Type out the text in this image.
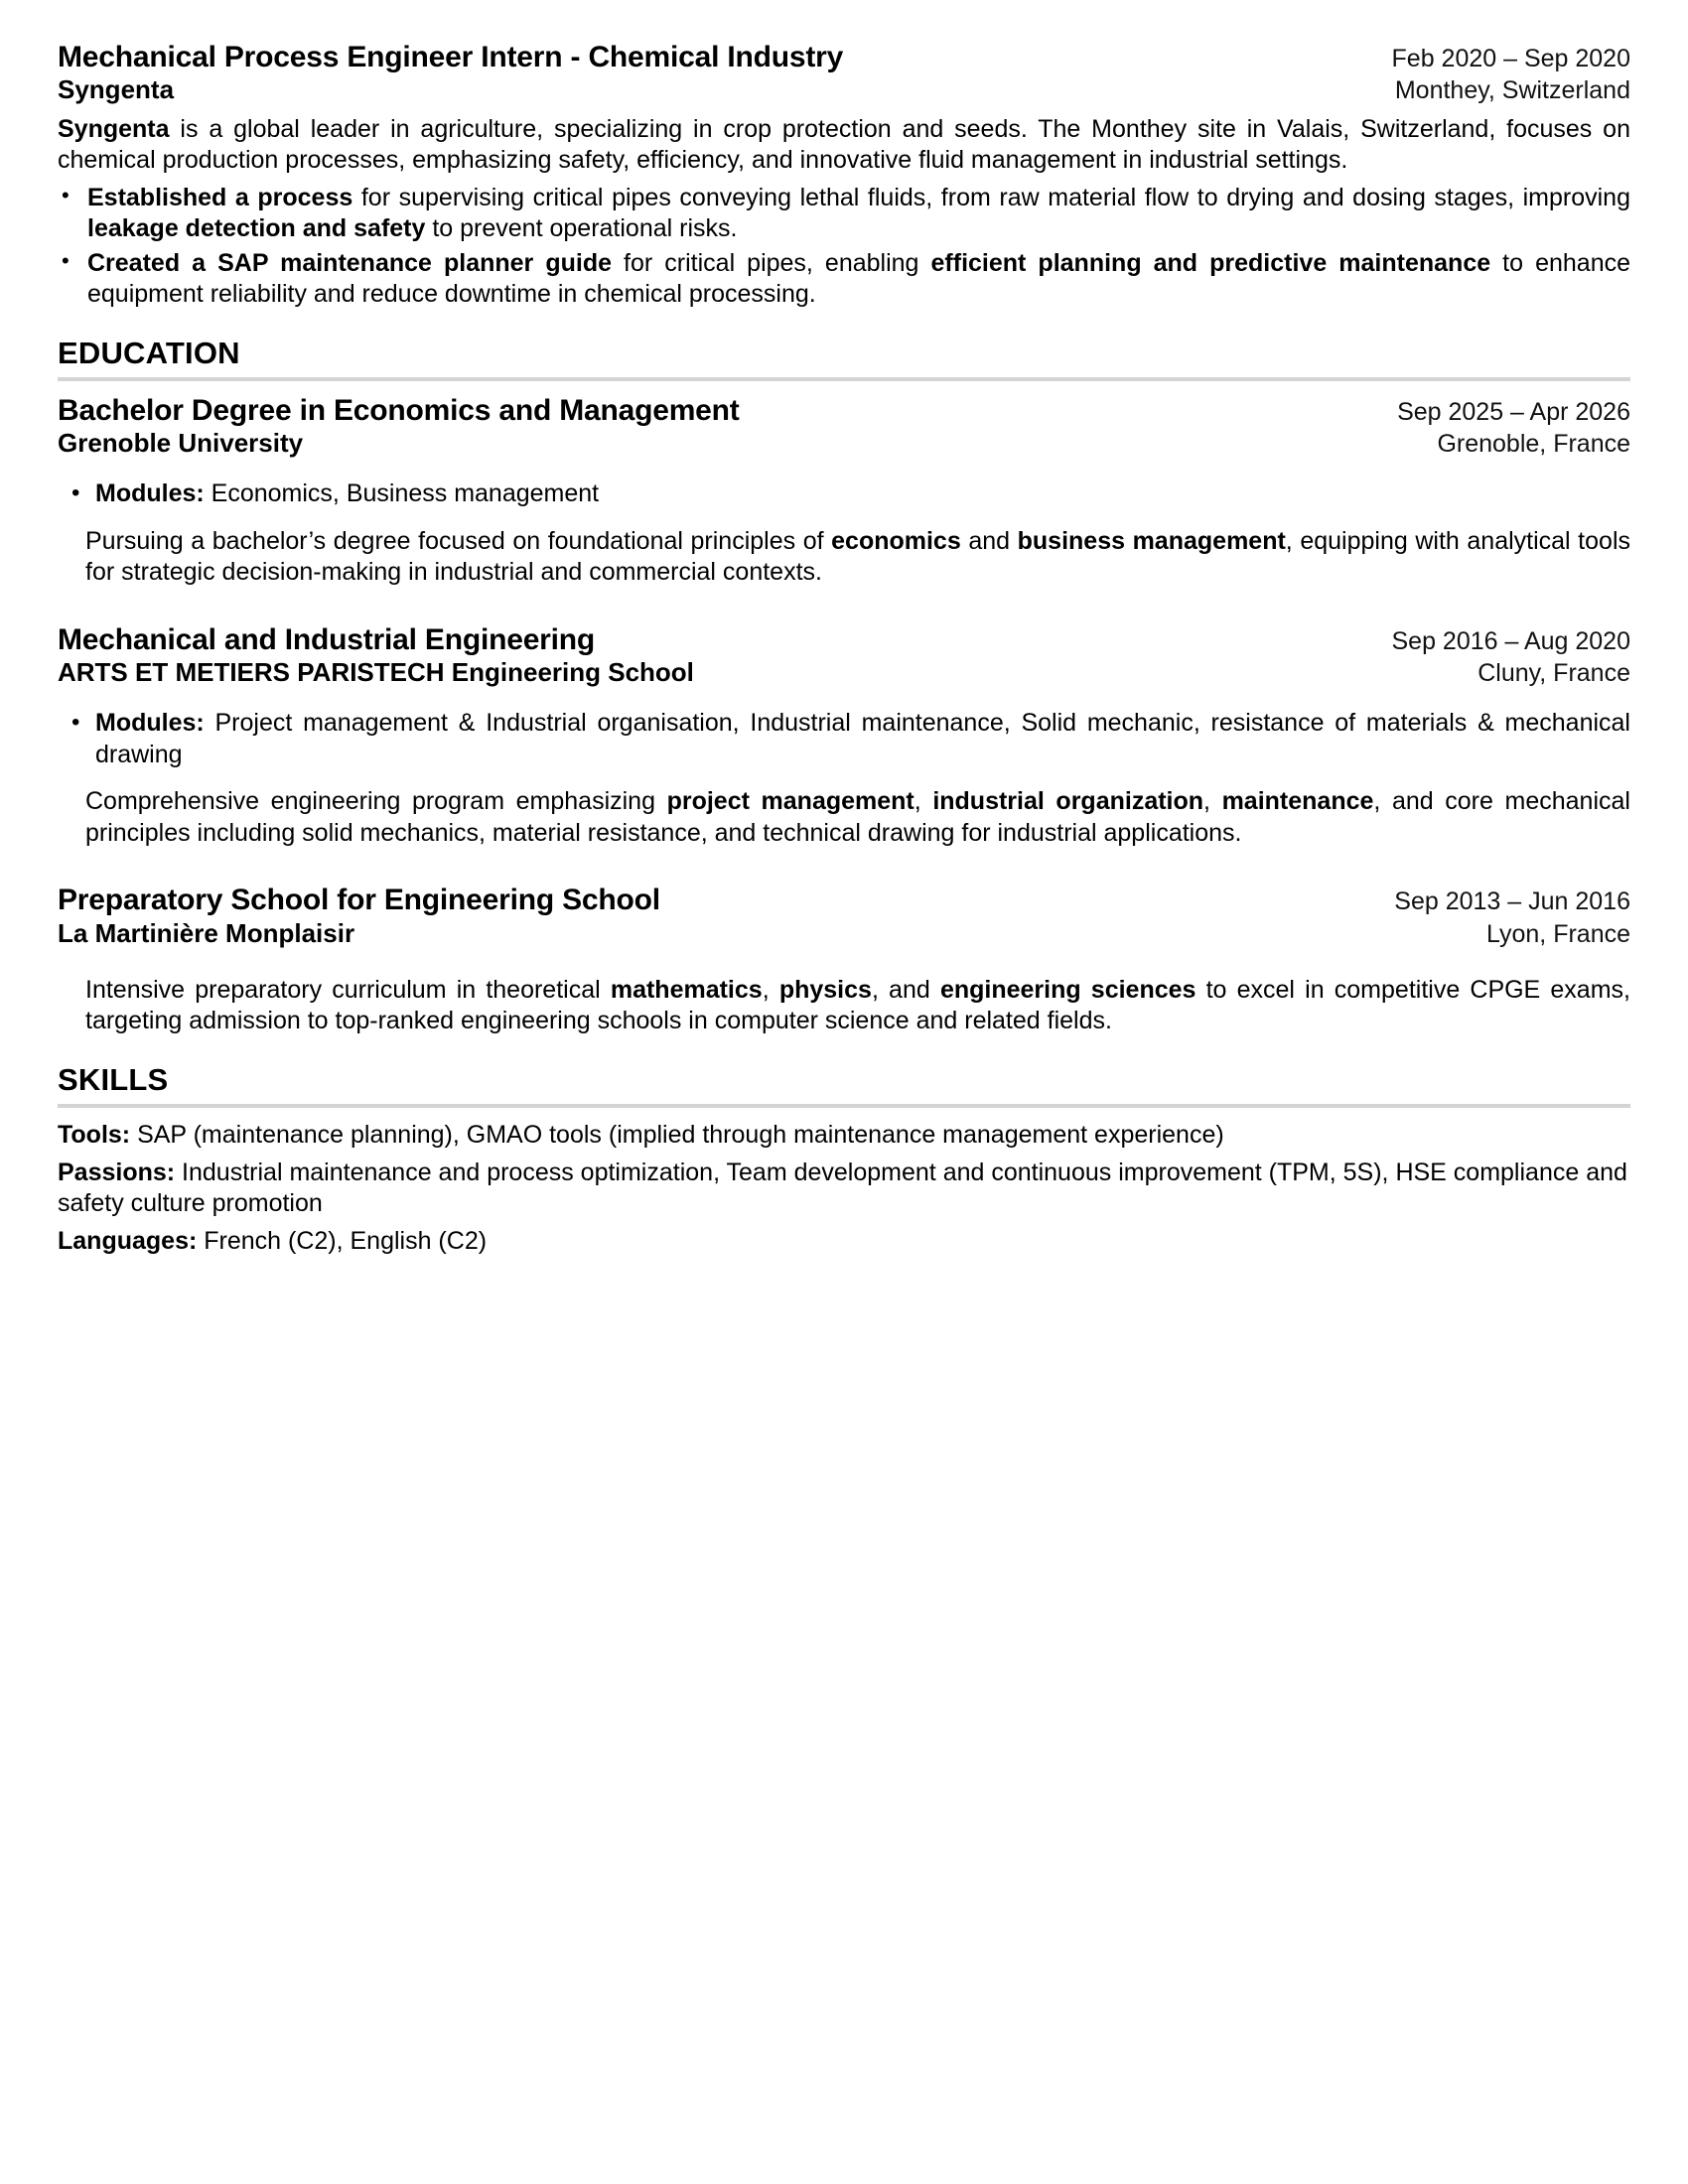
Mechanical Process Engineer Intern - Chemical Industry	Feb 2020 – Sep 2020
Syngenta	Monthey, Switzerland
Syngenta is a global leader in agriculture, specializing in crop protection and seeds. The Monthey site in Valais, Switzerland, focuses on chemical production processes, emphasizing safety, efficiency, and innovative fluid management in industrial settings.
• Established a process for supervising critical pipes conveying lethal fluids, from raw material flow to drying and dosing stages, improving leakage detection and safety to prevent operational risks.
• Created a SAP maintenance planner guide for critical pipes, enabling efficient planning and predictive maintenance to enhance equipment reliability and reduce downtime in chemical processing.
EDUCATION
Bachelor Degree in Economics and Management	Sep 2025 – Apr 2026
Grenoble University	Grenoble, France
• Modules: Economics, Business management
Pursuing a bachelor’s degree focused on foundational principles of economics and business management, equipping with analytical tools for strategic decision-making in industrial and commercial contexts.
Mechanical and Industrial Engineering	Sep 2016 – Aug 2020
ARTS ET METIERS PARISTECH Engineering School	Cluny, France
• Modules: Project management & Industrial organisation, Industrial maintenance, Solid mechanic, resistance of materials & mechanical drawing
Comprehensive engineering program emphasizing project management, industrial organization, maintenance, and core mechanical principles including solid mechanics, material resistance, and technical drawing for industrial applications.
Preparatory School for Engineering School	Sep 2013 – Jun 2016
La Martinière Monplaisir	Lyon, France
Intensive preparatory curriculum in theoretical mathematics, physics, and engineering sciences to excel in competitive CPGE exams, targeting admission to top-ranked engineering schools in computer science and related fields.
SKILLS
Tools: SAP (maintenance planning), GMAO tools (implied through maintenance management experience)
Passions: Industrial maintenance and process optimization, Team development and continuous improvement (TPM, 5S), HSE compliance and safety culture promotion
Languages: French (C2), English (C2)
